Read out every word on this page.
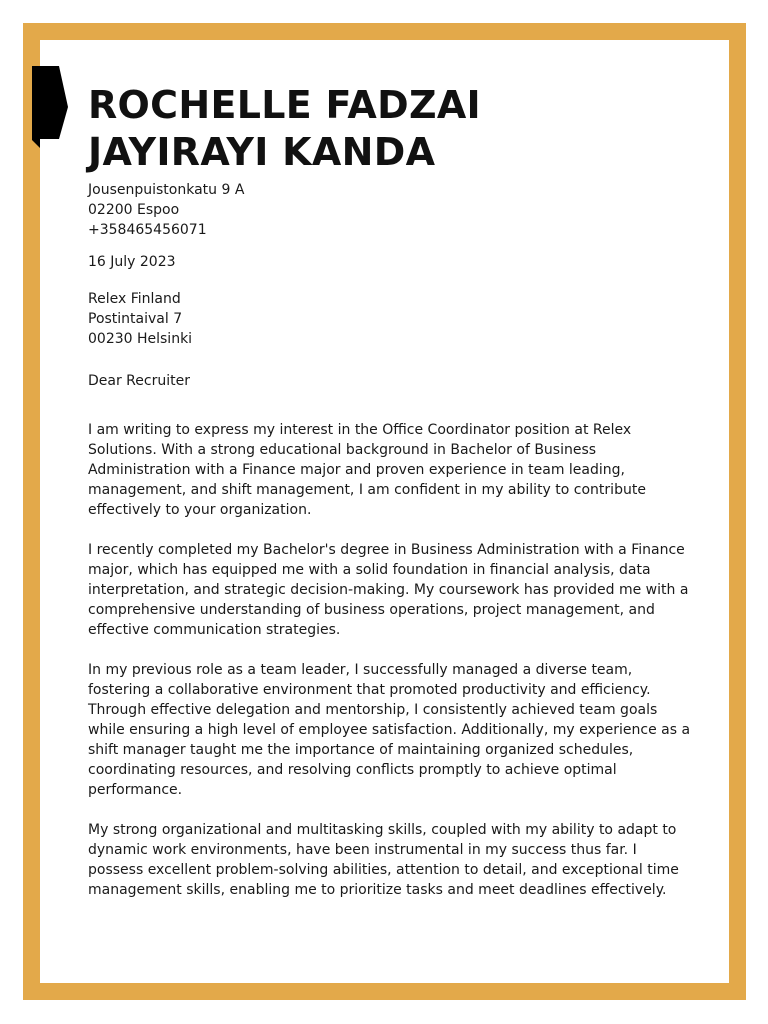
ROCHELLE FADZAI
JAYIRAYI KANDA
Jousenpuistonkatu 9 A
02200 Espoo
+358465456071
16 July 2023
Relex Finland
Postintaival 7
00230 Helsinki
Dear Recruiter
I am writing to express my interest in the Office Coordinator position at Relex
Solutions. With a strong educational background in Bachelor of Business
Administration with a Finance major and proven experience in team leading,
management, and shift management, I am confident in my ability to contribute
effectively to your organization.
I recently completed my Bachelor's degree in Business Administration with a Finance
major, which has equipped me with a solid foundation in financial analysis, data
interpretation, and strategic decision-making. My coursework has provided me with a
comprehensive understanding of business operations, project management, and
effective communication strategies.
In my previous role as a team leader, I successfully managed a diverse team,
fostering a collaborative environment that promoted productivity and efficiency.
Through effective delegation and mentorship, I consistently achieved team goals
while ensuring a high level of employee satisfaction. Additionally, my experience as a
shift manager taught me the importance of maintaining organized schedules,
coordinating resources, and resolving conflicts promptly to achieve optimal
performance.
My strong organizational and multitasking skills, coupled with my ability to adapt to
dynamic work environments, have been instrumental in my success thus far. I
possess excellent problem-solving abilities, attention to detail, and exceptional time
management skills, enabling me to prioritize tasks and meet deadlines effectively.
